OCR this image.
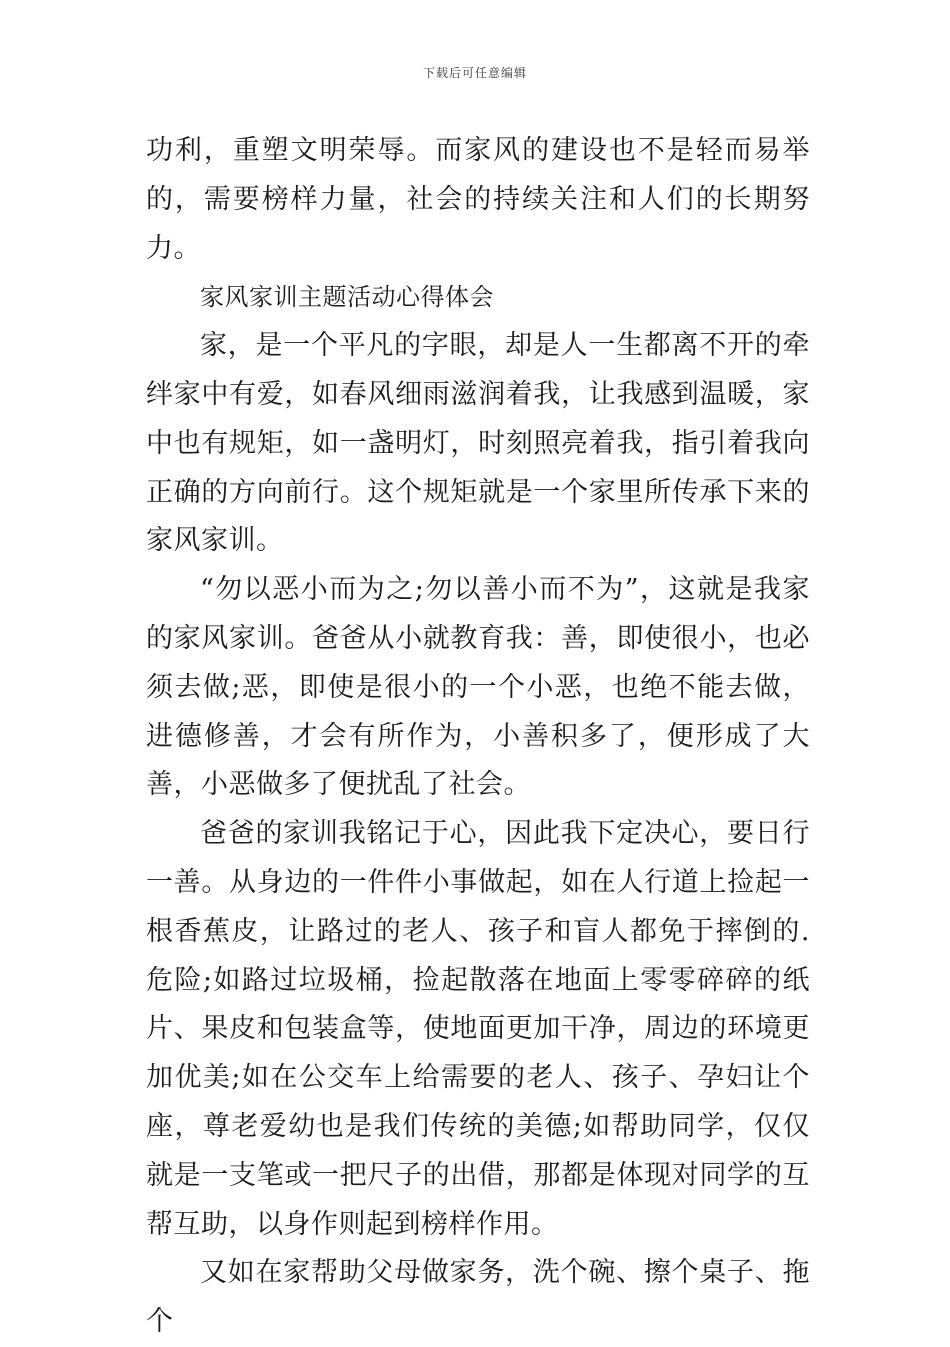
下载后可任意编辑

功利，重塑文明荣辱。而家风的建设也不是轻而易举的，需要榜样力量，社会的持续关注和人们的长期努力。

家风家训主题活动心得体会

家，是一个平凡的字眼，却是人一生都离不开的牵绊家中有爱，如春风细雨滋润着我，让我感到温暖，家中也有规矩，如一盏明灯，时刻照亮着我，指引着我向正确的方向前行。这个规矩就是一个家里所传承下来的家风家训。

“勿以恶小而为之;勿以善小而不为”，这就是我家的家风家训。爸爸从小就教育我：善，即使很小，也必须去做;恶，即使是很小的一个小恶，也绝不能去做，进德修善，才会有所作为，小善积多了，便形成了大善，小恶做多了便扰乱了社会。

爸爸的家训我铭记于心，因此我下定决心，要日行一善。从身边的一件件小事做起，如在人行道上捡起一根香蕉皮，让路过的老人、孩子和盲人都免于摔倒的.危险;如路过垃圾桶，捡起散落在地面上零零碎碎的纸片、果皮和包装盒等，使地面更加干净，周边的环境更加优美;如在公交车上给需要的老人、孩子、孕妇让个座，尊老爱幼也是我们传统的美德;如帮助同学，仅仅就是一支笔或一把尺子的出借，那都是体现对同学的互帮互助，以身作则起到榜样作用。

又如在家帮助父母做家务，洗个碗、擦个桌子、拖个
